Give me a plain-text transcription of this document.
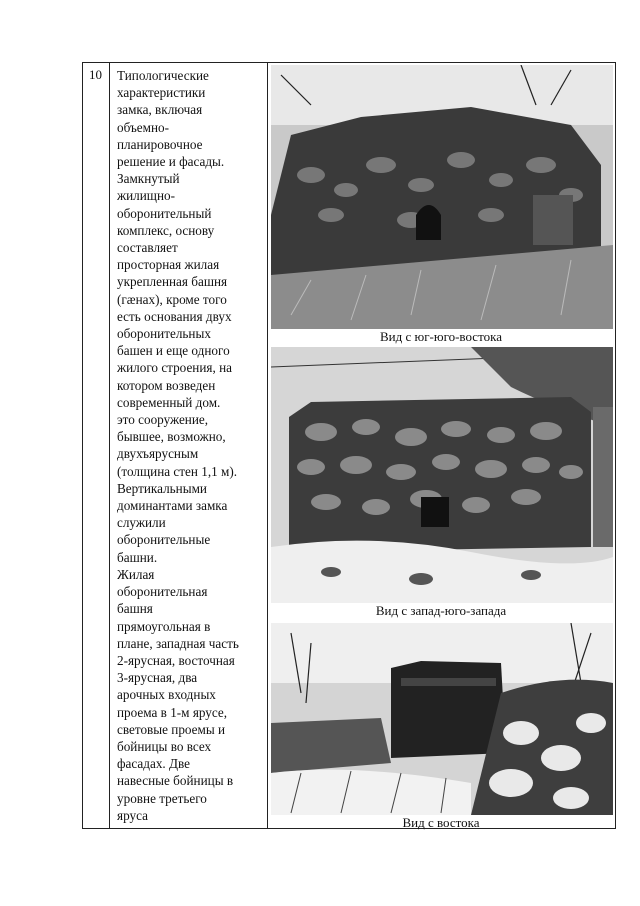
10 Типологические
характеристики
замка, включая
объемно-
планировочное
решение и фасады.
Замкнутый
жилищно-
оборонительный
комплекс, основу
составляет
просторная жилая
укрепленная башня
(гæнах), кроме того
есть основания двух
оборонительных
башен и еще одного
жилого строения, на
котором возведен
современный дом.
это сооружение,
бывшее, возможно,
двухъярусным
(толщина стен 1,1 м).
Вертикальными
доминантами замка
служили
оборонительные
башни.
Жилая
оборонительная
башня
прямоугольная в
плане, западная часть
2-ярусная, восточная
3-ярусная, два
арочных входных
проема в 1-м ярусе,
световые проемы и
бойницы во всех
фасадах. Две
навесные бойницы в
уровне третьего
яруса
Вид с юг-юго-востока
Вид с запад-юго-запада
Вид с востока
